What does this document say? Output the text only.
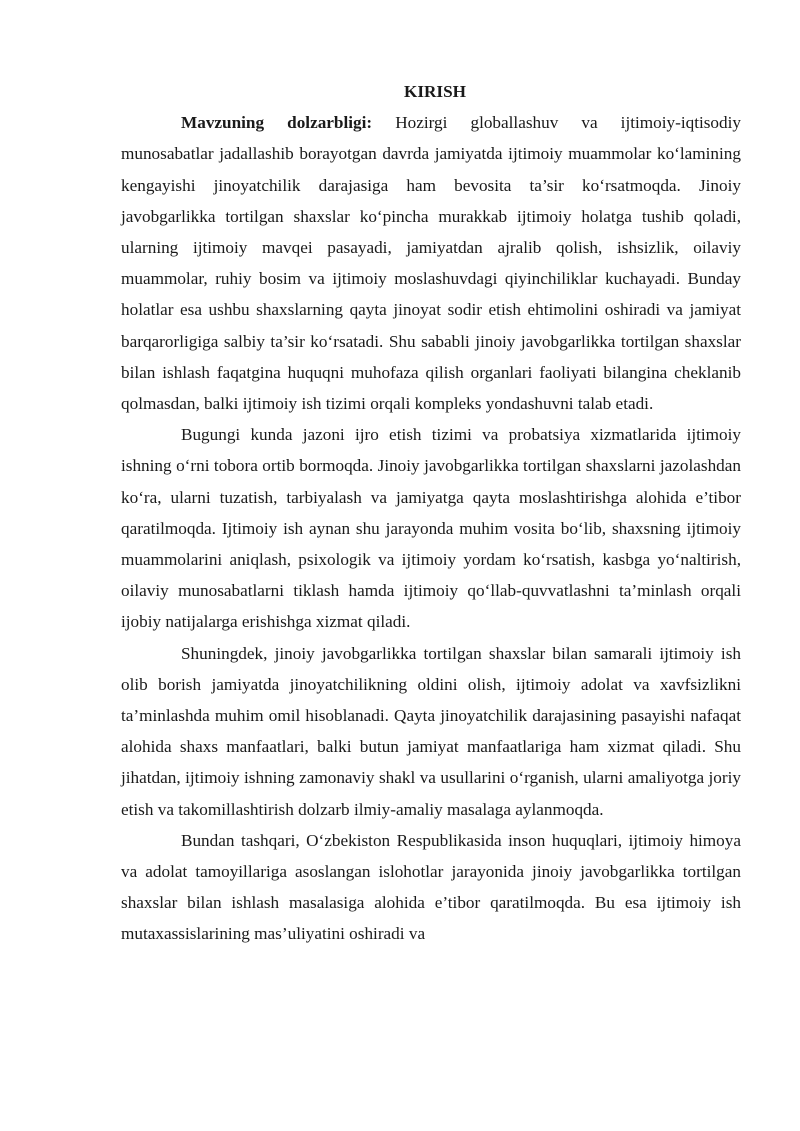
KIRISH

Mavzuning dolzarbligi: Hozirgi globallashuv va ijtimoiy-iqtisodiy munosabatlar jadallashib borayotgan davrda jamiyatda ijtimoiy muammolar ko‘lamining kengayishi jinoyatchilik darajasiga ham bevosita ta’sir ko‘rsatmoqda. Jinoiy javobgarlikka tortilgan shaxslar ko‘pincha murakkab ijtimoiy holatga tushib qoladi, ularning ijtimoiy mavqei pasayadi, jamiyatdan ajralib qolish, ishsizlik, oilaviy muammolar, ruhiy bosim va ijtimoiy moslashuvdagi qiyinchiliklar kuchayadi. Bunday holatlar esa ushbu shaxslarning qayta jinoyat sodir etish ehtimolini oshiradi va jamiyat barqarorligiga salbiy ta’sir ko‘rsatadi. Shu sababli jinoiy javobgarlikka tortilgan shaxslar bilan ishlash faqatgina huquqni muhofaza qilish organlari faoliyati bilangina cheklanib qolmasdan, balki ijtimoiy ish tizimi orqali kompleks yondashuvni talab etadi.

Bugungi kunda jazoni ijro etish tizimi va probatsiya xizmatlarida ijtimoiy ishning o‘rni tobora ortib bormoqda. Jinoiy javobgarlikka tortilgan shaxslarni jazolashdan ko‘ra, ularni tuzatish, tarbiyalash va jamiyatga qayta moslashtirishga alohida e’tibor qaratilmoqda. Ijtimoiy ish aynan shu jarayonda muhim vosita bo‘lib, shaxsning ijtimoiy muammolarini aniqlash, psixologik va ijtimoiy yordam ko‘rsatish, kasbga yo‘naltirish, oilaviy munosabatlarni tiklash hamda ijtimoiy qo‘llab-quvvatlashni ta’minlash orqali ijobiy natijalarga erishishga xizmat qiladi.

Shuningdek, jinoiy javobgarlikka tortilgan shaxslar bilan samarali ijtimoiy ish olib borish jamiyatda jinoyatchilikning oldini olish, ijtimoiy adolat va xavfsizlikni ta’minlashda muhim omil hisoblanadi. Qayta jinoyatchilik darajasining pasayishi nafaqat alohida shaxs manfaatlari, balki butun jamiyat manfaatlariga ham xizmat qiladi. Shu jihatdan, ijtimoiy ishning zamonaviy shakl va usullarini o‘rganish, ularni amaliyotga joriy etish va takomillashtirish dolzarb ilmiy-amaliy masalaga aylanmoqda.

Bundan tashqari, O‘zbekiston Respublikasida inson huquqlari, ijtimoiy himoya va adolat tamoyillariga asoslangan islohotlar jarayonida jinoiy javobgarlikka tortilgan shaxslar bilan ishlash masalasiga alohida e’tibor qaratilmoqda. Bu esa ijtimoiy ish mutaxassislarining mas’uliyatini oshiradi va
